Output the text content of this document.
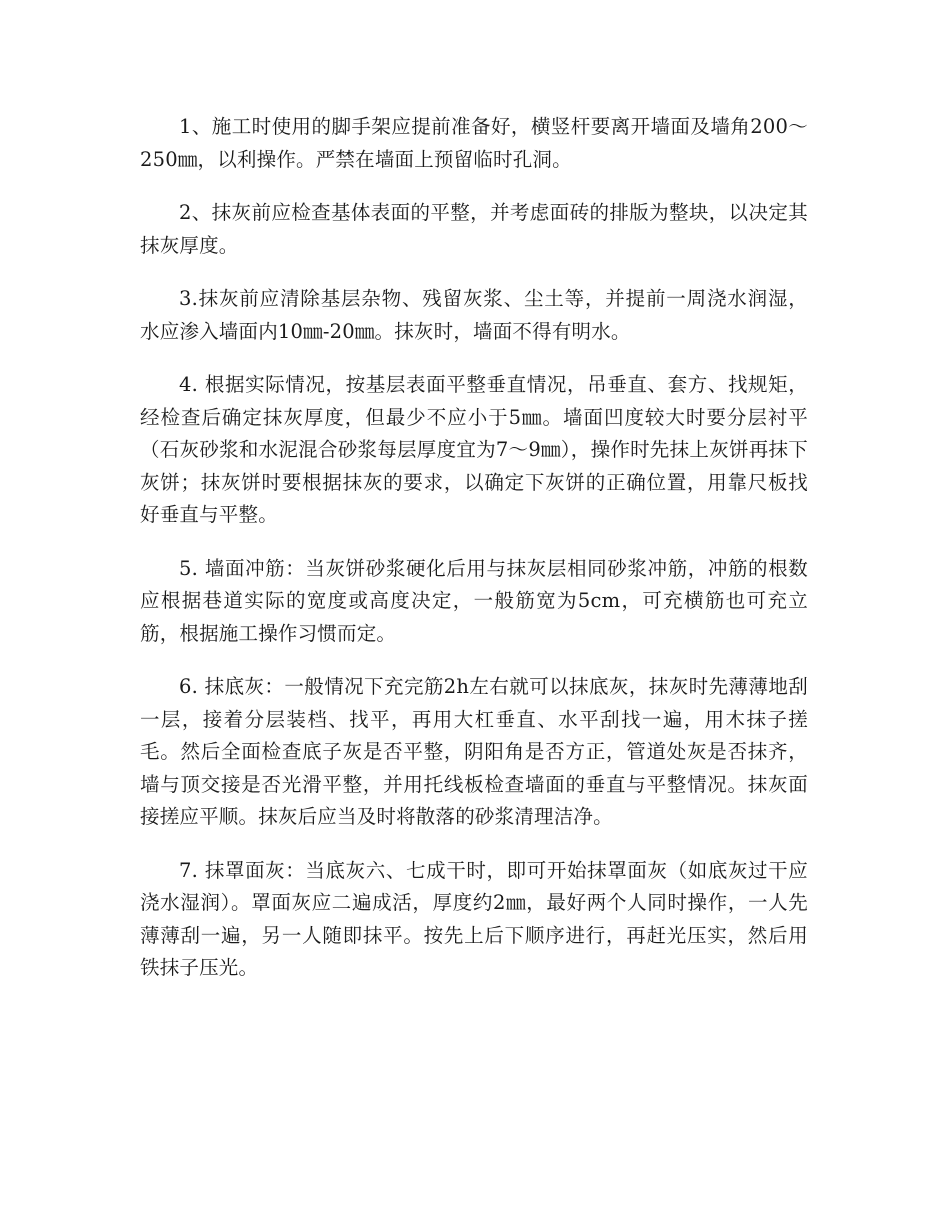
1、施工时使用的脚手架应提前准备好，横竖杆要离开墙面及墙角200～250㎜，以利操作。严禁在墙面上预留临时孔洞。

2、抹灰前应检查基体表面的平整，并考虑面砖的排版为整块，以决定其抹灰厚度。

3.抹灰前应清除基层杂物、残留灰浆、尘土等，并提前一周浇水润湿，水应渗入墙面内10㎜-20㎜。抹灰时，墙面不得有明水。

4. 根据实际情况，按基层表面平整垂直情况，吊垂直、套方、找规矩，经检查后确定抹灰厚度，但最少不应小于5㎜。墙面凹度较大时要分层衬平（石灰砂浆和水泥混合砂浆每层厚度宜为7～9㎜），操作时先抹上灰饼再抹下灰饼；抹灰饼时要根据抹灰的要求，以确定下灰饼的正确位置，用靠尺板找好垂直与平整。

5. 墙面冲筋：当灰饼砂浆硬化后用与抹灰层相同砂浆冲筋，冲筋的根数应根据巷道实际的宽度或高度决定，一般筋宽为5cm，可充横筋也可充立筋，根据施工操作习惯而定。

6. 抹底灰：一般情况下充完筋2h左右就可以抹底灰，抹灰时先薄薄地刮一层，接着分层装档、找平，再用大杠垂直、水平刮找一遍，用木抹子搓毛。然后全面检查底子灰是否平整，阴阳角是否方正，管道处灰是否抹齐，墙与顶交接是否光滑平整，并用托线板检查墙面的垂直与平整情况。抹灰面接搓应平顺。抹灰后应当及时将散落的砂浆清理洁净。

7. 抹罩面灰：当底灰六、七成干时，即可开始抹罩面灰（如底灰过干应浇水湿润）。罩面灰应二遍成活，厚度约2㎜，最好两个人同时操作，一人先薄薄刮一遍，另一人随即抹平。按先上后下顺序进行，再赶光压实，然后用铁抹子压光。
